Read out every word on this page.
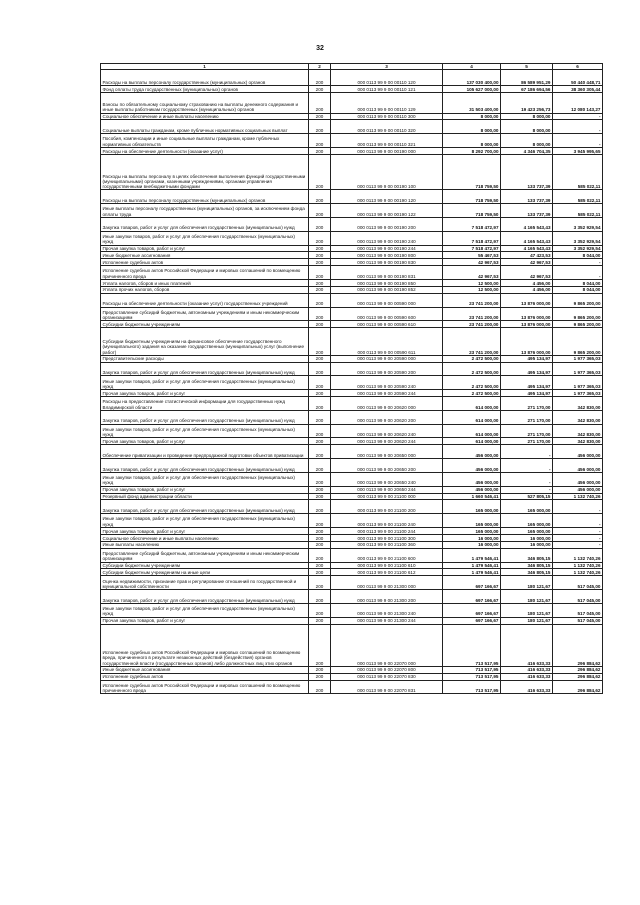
32
1	2	3	4	5	6
Расходы на выплаты персоналу государственных (муниципальных) органов	200	000 0113 99 9 00 00110 120	137 030 400,00	86 589 951,29	50 440 448,71
Фонд оплаты труда государственных (муниципальных) органов	200	000 0113 99 9 00 00110 121	105 627 000,00	67 186 694,56	38 360 305,44
Взносы по обязательному социальному страхованию на выплаты денежного содержания и иные выплаты работникам государственных (муниципальных) органов	200	000 0113 99 9 00 00110 129	31 503 400,00	19 423 256,73	12 080 143,27
Социальное обеспечение и иные выплаты населению	200	000 0113 99 9 00 00110 300	8 000,00	8 000,00	-
Социальные выплаты гражданам, кроме публичных нормативных социальных выплат	200	000 0113 99 9 00 00110 320	8 000,00	8 000,00	-
Пособия, компенсации и иные социальные выплаты гражданам, кроме публичных нормативных обязательств	200	000 0113 99 9 00 00110 321	8 000,00	8 000,00	-
Расходы на обеспечение деятельности (оказание услуг)	200	000 0113 99 9 00 00190 000	8 292 700,00	4 346 704,35	3 945 995,65
Расходы на выплаты персоналу в целях обеспечения выполнения функций государственными (муниципальными) органами, казенными учреждениями, органами управления государственными внебюджетными фондами	200	000 0113 99 9 00 00190 100	718 759,50	133 737,39	585 022,11
Расходы на выплаты персоналу государственных (муниципальных) органов	200	000 0113 99 9 00 00190 120	718 759,50	133 737,39	585 022,11
Иные выплаты персоналу государственных (муниципальных) органов, за исключением фонда оплаты труда	200	000 0113 99 9 00 00190 122	718 759,50	133 737,39	585 022,11
Закупка товаров, работ и услуг для обеспечения государственных (муниципальных) нужд	200	000 0113 99 9 00 00190 200	7 518 472,97	4 165 543,43	3 352 929,54
Иные закупки товаров, работ и услуг для обеспечения государственных (муниципальных) нужд	200	000 0113 99 9 00 00190 240	7 518 472,97	4 165 543,43	3 352 929,54
Прочая закупка товаров, работ и услуг	200	000 0113 99 9 00 00190 244	7 518 472,97	4 165 543,43	3 352 929,54
Иные бюджетные ассигнования	200	000 0113 99 9 00 00190 800	55 467,53	47 423,53	8 044,00
Исполнение судебных актов	200	000 0113 99 9 00 00190 830	42 967,53	42 967,53	-
Исполнение судебных актов Российской Федерации и мировых соглашений по возмещению причиненного вреда	200	000 0113 99 9 00 00190 831	42 967,53	42 967,53	-
Уплата налогов, сборов и иных платежей	200	000 0113 99 9 00 00190 850	12 500,00	4 456,00	8 044,00
Уплата прочих налогов, сборов	200	000 0113 99 9 00 00190 852	12 500,00	4 456,00	8 044,00
Расходы на обеспечение деятельности (оказание услуг) государственных учреждений	200	000 0113 99 9 00 00590 000	23 741 200,00	13 876 000,00	9 865 200,00
Предоставление субсидий бюджетным, автономным учреждениям и иным некоммерческим организациям	200	000 0113 99 9 00 00590 600	23 741 200,00	13 876 000,00	9 865 200,00
Субсидии бюджетным учреждениям	200	000 0113 99 9 00 00590 610	23 741 200,00	13 876 000,00	9 865 200,00
Субсидии бюджетным учреждениям на финансовое обеспечение государственного (муниципального) задания на оказание государственных (муниципальных) услуг (выполнение работ)	200	000 0113 99 9 00 00590 611	23 741 200,00	13 876 000,00	9 865 200,00
Представительские расходы	200	000 0113 99 9 00 20590 000	2 472 500,00	495 134,97	1 977 365,03
Закупка товаров, работ и услуг для обеспечения государственных (муниципальных) нужд	200	000 0113 99 9 00 20590 200	2 472 500,00	495 134,97	1 977 365,03
Иные закупки товаров, работ и услуг для обеспечения государственных (муниципальных) нужд	200	000 0113 99 9 00 20590 240	2 472 500,00	495 134,97	1 977 365,03
Прочая закупка товаров, работ и услуг	200	000 0113 99 9 00 20590 244	2 472 500,00	495 134,97	1 977 365,03
Расходы на предоставление статистической информации для государственных нужд Владимирской области	200	000 0113 99 9 00 20620 000	614 000,00	271 170,00	342 830,00
Закупка товаров, работ и услуг для обеспечения государственных (муниципальных) нужд	200	000 0113 99 9 00 20620 200	614 000,00	271 170,00	342 830,00
Иные закупки товаров, работ и услуг для обеспечения государственных (муниципальных) нужд	200	000 0113 99 9 00 20620 240	614 000,00	271 170,00	342 830,00
Прочая закупка товаров, работ и услуг	200	000 0113 99 9 00 20620 244	614 000,00	271 170,00	342 830,00
Обеспечение приватизации и проведение предпродажной подготовки объектов приватизации	200	000 0113 99 9 00 20650 000	456 000,00	-	456 000,00
Закупка товаров, работ и услуг для обеспечения государственных (муниципальных) нужд	200	000 0113 99 9 00 20650 200	456 000,00	-	456 000,00
Иные закупки товаров, работ и услуг для обеспечения государственных (муниципальных) нужд	200	000 0113 99 9 00 20650 240	456 000,00	-	456 000,00
Прочая закупка товаров, работ и услуг	200	000 0113 99 9 00 20650 244	456 000,00	-	456 000,00
Резервный фонд администрации области	200	000 0113 99 9 00 21100 000	1 660 546,41	527 805,15	1 132 740,26
Закупка товаров, работ и услуг для обеспечения государственных (муниципальных) нужд	200	000 0113 99 9 00 21100 200	165 000,00	165 000,00	-
Иные закупки товаров, работ и услуг для обеспечения государственных (муниципальных) нужд	200	000 0113 99 9 00 21100 240	165 000,00	165 000,00	-
Прочая закупка товаров, работ и услуг	200	000 0113 99 9 00 21100 244	165 000,00	165 000,00	-
Социальное обеспечение и иные выплаты населению	200	000 0113 99 9 00 21100 300	16 000,00	16 000,00	-
Иные выплаты населению	200	000 0113 99 9 00 21100 360	16 000,00	16 000,00	-
Предоставление субсидий бюджетным, автономным учреждениям и иным некоммерческим организациям	200	000 0113 99 9 00 21100 600	1 479 546,41	346 805,15	1 132 740,26
Субсидии бюджетным учреждениям	200	000 0113 99 9 00 21100 610	1 479 546,41	346 805,15	1 132 740,26
Субсидии бюджетным учреждениям на иные цели	200	000 0113 99 9 00 21100 612	1 479 546,41	346 805,15	1 132 740,26
Оценка недвижимости, признание прав и регулирование отношений по государственной и муниципальной собственности	200	000 0113 99 9 00 21300 000	697 166,67	180 121,67	517 045,00
Закупка товаров, работ и услуг для обеспечения государственных (муниципальных) нужд	200	000 0113 99 9 00 21300 200	697 166,67	180 121,67	517 045,00
Иные закупки товаров, работ и услуг для обеспечения государственных (муниципальных) нужд	200	000 0113 99 9 00 21300 240	697 166,67	180 121,67	517 045,00
Прочая закупка товаров, работ и услуг	200	000 0113 99 9 00 21300 244	697 166,67	180 121,67	517 045,00
Исполнение судебных актов Российской Федерации и мировых соглашений по возмещению вреда, причиненного в результате незаконных действий (бездействия) органов государственной власти (государственных органов) либо должностных лиц этих органов	200	000 0113 99 9 00 22070 000	713 517,95	416 633,33	296 884,62
Иные бюджетные ассигнования	200	000 0113 99 9 00 22070 800	713 517,95	416 633,33	296 884,62
Исполнение судебных актов	200	000 0113 99 9 00 22070 830	713 517,95	416 633,33	296 884,62
Исполнение судебных актов Российской Федерации и мировых соглашений по возмещению причиненного вреда	200	000 0113 99 9 00 22070 831	713 517,95	416 633,33	296 884,62
